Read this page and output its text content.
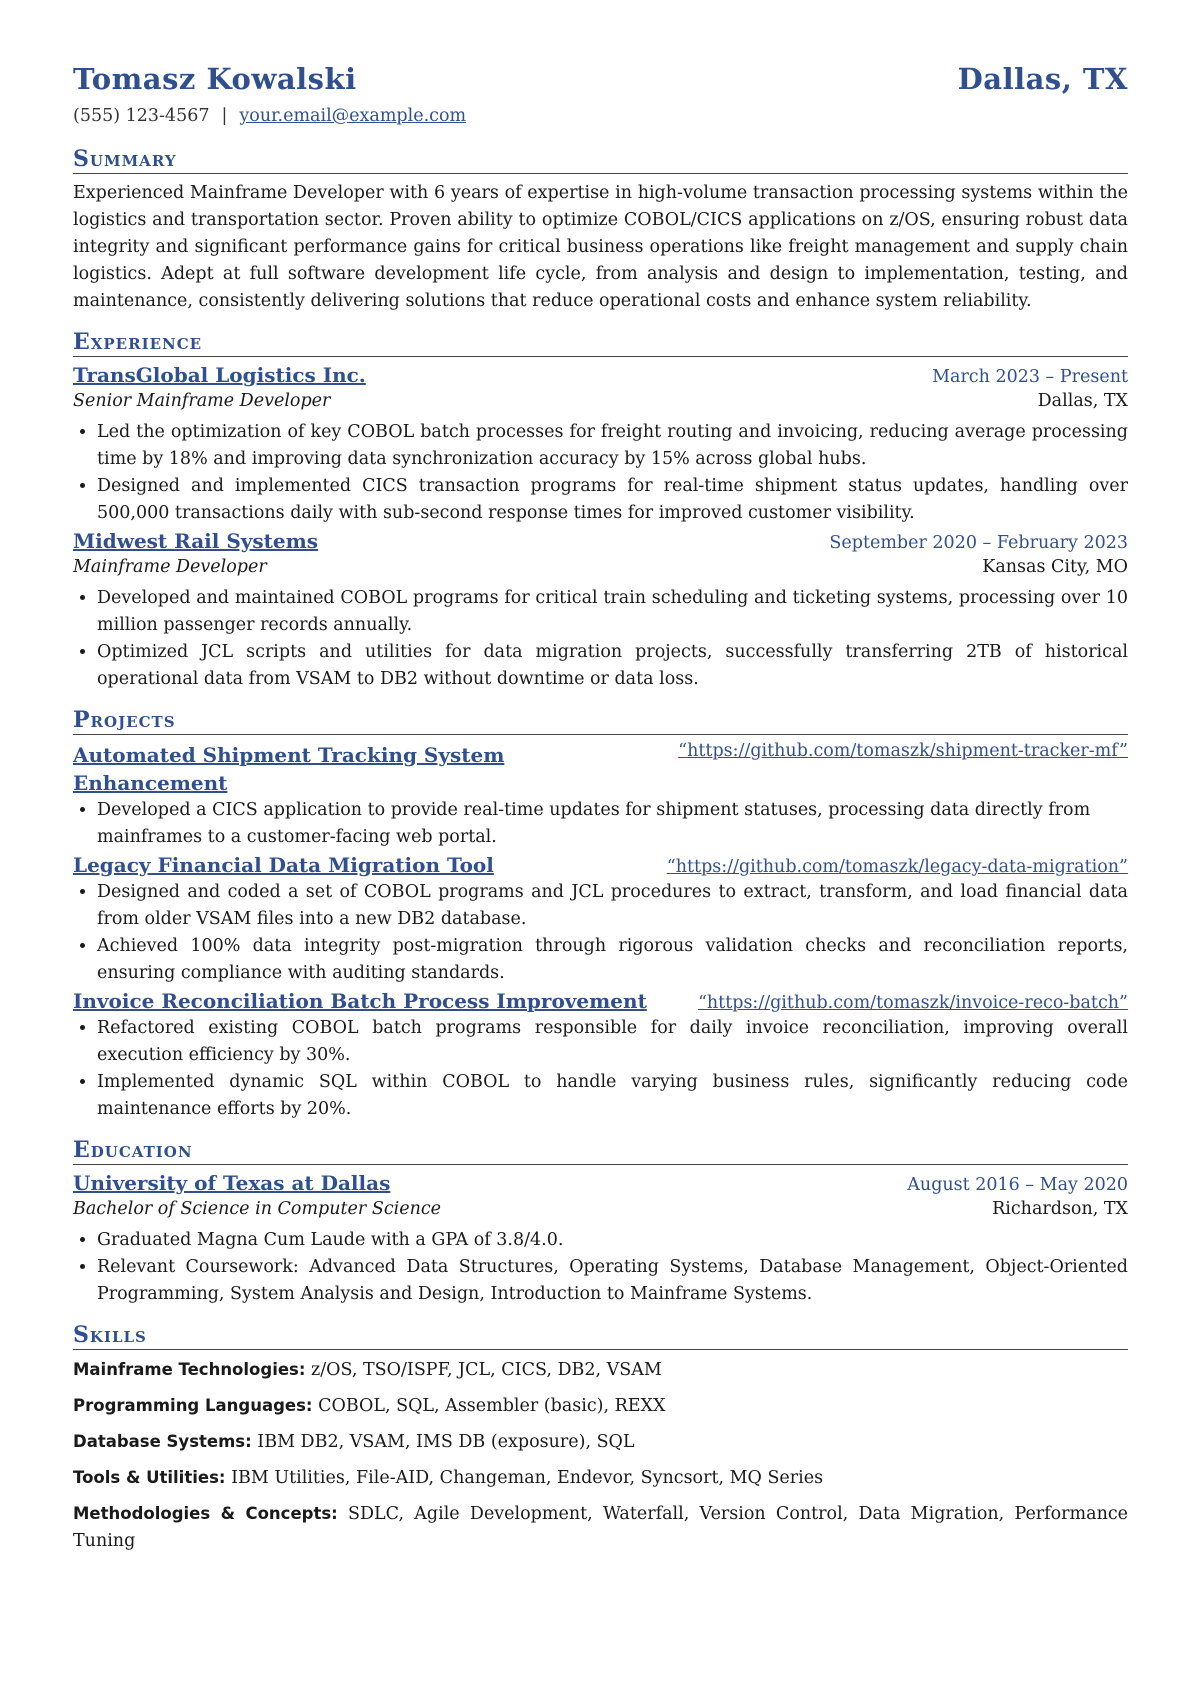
Tomasz Kowalski	Dallas, TX
(555) 123-4567 | your.email@example.com
Summary
Experienced Mainframe Developer with 6 years of expertise in high-volume transaction processing systems within the logistics and transportation sector. Proven ability to optimize COBOL/CICS applications on z/OS, ensuring robust data integrity and significant performance gains for critical business operations like freight management and supply chain logistics. Adept at full software development life cycle, from analysis and design to implementation, testing, and maintenance, consistently delivering solutions that reduce operational costs and enhance system reliability.
Experience
TransGlobal Logistics Inc.	March 2023 – Present
Senior Mainframe Developer	Dallas, TX
• Led the optimization of key COBOL batch processes for freight routing and invoicing, reducing average processing time by 18% and improving data synchronization accuracy by 15% across global hubs.
• Designed and implemented CICS transaction programs for real-time shipment status updates, handling over 500,000 transactions daily with sub-second response times for improved customer visibility.
Midwest Rail Systems	September 2020 – February 2023
Mainframe Developer	Kansas City, MO
• Developed and maintained COBOL programs for critical train scheduling and ticketing systems, processing over 10 million passenger records annually.
• Optimized JCL scripts and utilities for data migration projects, successfully transferring 2TB of historical operational data from VSAM to DB2 without downtime or data loss.
Projects
Automated Shipment Tracking System Enhancement
“https://github.com/tomaszk/shipment-tracker-mf”
• Developed a CICS application to provide real-time updates for shipment statuses, processing data directly from mainframes to a customer-facing web portal.
Legacy Financial Data Migration Tool	“https://github.com/tomaszk/legacy-data-migration”
• Designed and coded a set of COBOL programs and JCL procedures to extract, transform, and load financial data from older VSAM files into a new DB2 database.
• Achieved 100% data integrity post-migration through rigorous validation checks and reconciliation reports, ensuring compliance with auditing standards.
Invoice Reconciliation Batch Process Improvement	“https://github.com/tomaszk/invoice-reco-batch”
• Refactored existing COBOL batch programs responsible for daily invoice reconciliation, improving overall execution efficiency by 30%.
• Implemented dynamic SQL within COBOL to handle varying business rules, significantly reducing code maintenance efforts by 20%.
Education
University of Texas at Dallas	August 2016 – May 2020
Bachelor of Science in Computer Science	Richardson, TX
• Graduated Magna Cum Laude with a GPA of 3.8/4.0.
• Relevant Coursework: Advanced Data Structures, Operating Systems, Database Management, Object-Oriented Programming, System Analysis and Design, Introduction to Mainframe Systems.
Skills
Mainframe Technologies: z/OS, TSO/ISPF, JCL, CICS, DB2, VSAM
Programming Languages: COBOL, SQL, Assembler (basic), REXX
Database Systems: IBM DB2, VSAM, IMS DB (exposure), SQL
Tools & Utilities: IBM Utilities, File-AID, Changeman, Endevor, Syncsort, MQ Series
Methodologies & Concepts: SDLC, Agile Development, Waterfall, Version Control, Data Migration, Performance Tuning
